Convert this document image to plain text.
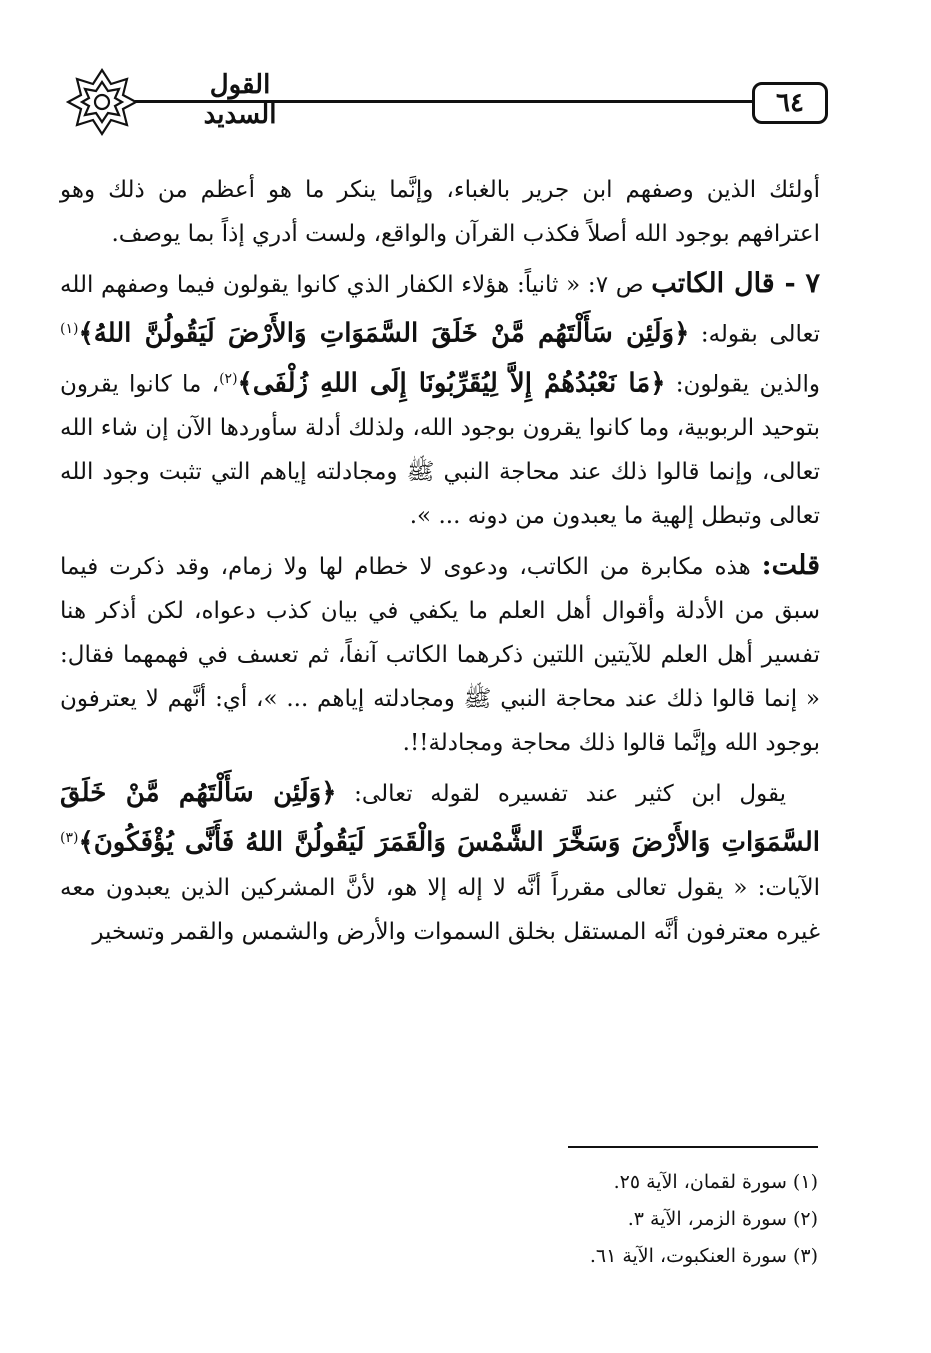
القول السديد	٦٤

أولئك الذين وصفهم ابن جرير بالغباء، وإنَّما ينكر ما هو أعظم من ذلك وهو اعترافهم بوجود الله أصلاً فكذب القرآن والواقع، ولست أدري إذاً بما يوصف.

٧ - قال الكاتب ص ٧: « ثانياً: هؤلاء الكفار الذي كانوا يقولون فيما وصفهم الله تعالى بقوله: ﴿وَلَئِن سَأَلْتَهُم مَّنْ خَلَقَ السَّمَوَاتِ وَالأَرْضَ لَيَقُولُنَّ اللهُ﴾$^{(١)}$ والذين يقولون: ﴿مَا نَعْبُدُهُمْ إِلاَّ لِيُقَرِّبُونَا إِلَى اللهِ زُلْفَى﴾$^{(٢)}$، ما كانوا يقرون بتوحيد الربوبية، وما كانوا يقرون بوجود الله، ولذلك أدلة سأوردها الآن إن شاء الله تعالى، وإنما قالوا ذلك عند محاجة النبي ﷺ ومجادلته إياهم التي تثبت وجود الله تعالى وتبطل إلهية ما يعبدون من دونه ... ».

قلت: هذه مكابرة من الكاتب، ودعوى لا خطام لها ولا زمام، وقد ذكرت فيما سبق من الأدلة وأقوال أهل العلم ما يكفي في بيان كذب دعواه، لكن أذكر هنا تفسير أهل العلم للآيتين اللتين ذكرهما الكاتب آنفاً، ثم تعسف في فهمهما فقال: « إنما قالوا ذلك عند محاجة النبي ﷺ ومجادلته إياهم ... »، أي: أنَّهم لا يعترفون بوجود الله وإنَّما قالوا ذلك محاجة ومجادلة!!.

يقول ابن كثير عند تفسيره لقوله تعالى: ﴿وَلَئِن سَأَلْتَهُم مَّنْ خَلَقَ السَّمَوَاتِ وَالأَرْضَ وَسَخَّرَ الشَّمْسَ وَالْقَمَرَ لَيَقُولُنَّ اللهُ فَأَنَّى يُؤْفَكُونَ﴾$^{(٣)}$ الآيات: « يقول تعالى مقرراً أنَّه لا إله إلا هو، لأنَّ المشركين الذين يعبدون معه غيره معترفون أنَّه المستقل بخلق السموات والأرض والشمس والقمر وتسخير

(١) سورة لقمان، الآية ٢٥.

(٢) سورة الزمر، الآية ٣.

(٣) سورة العنكبوت، الآية ٦١.
